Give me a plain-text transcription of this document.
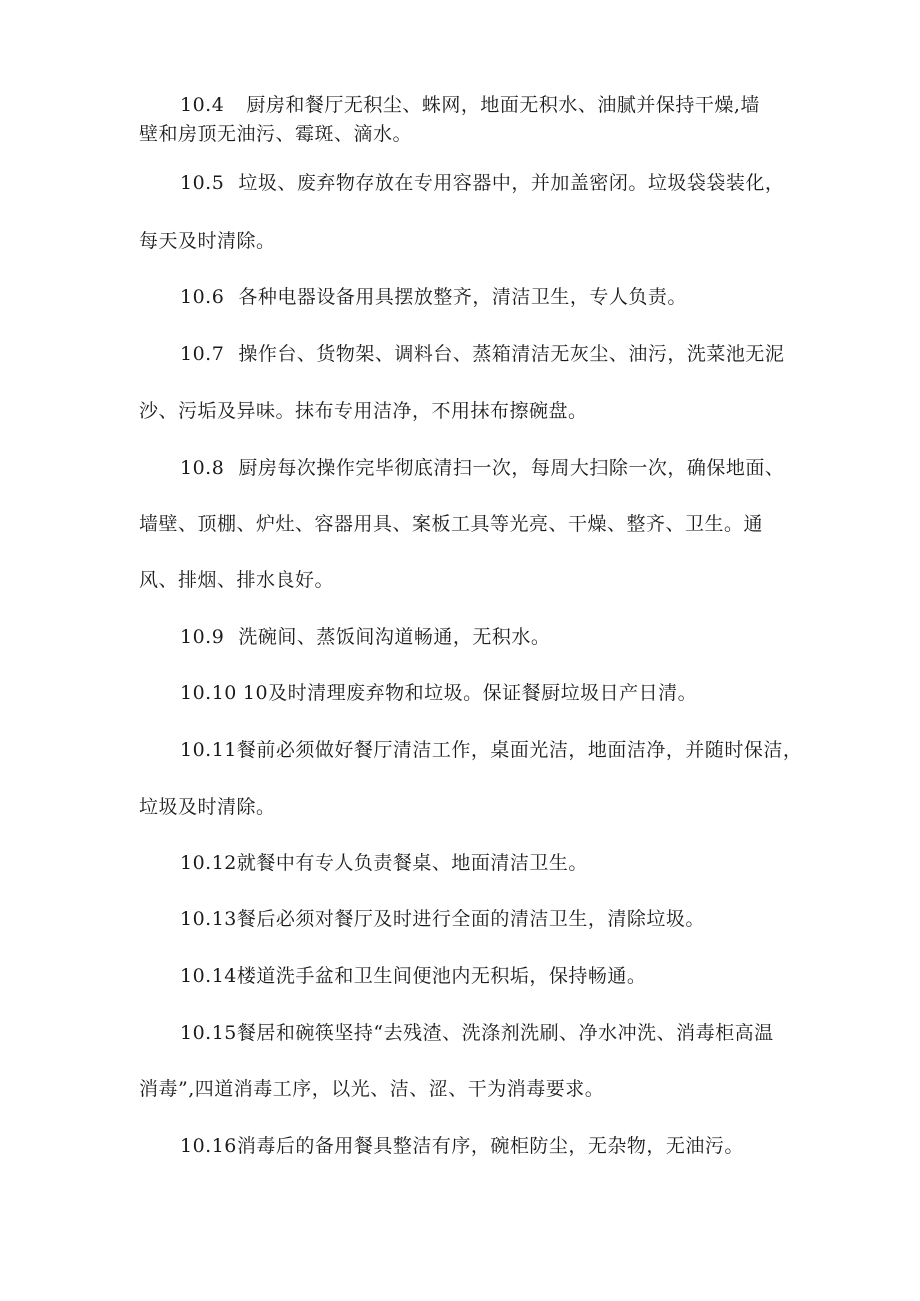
10.4 厨房和餐厅无积尘、蛛网，地面无积水、油腻并保持干燥,墙
壁和房顶无油污、霉斑、滴水。
10.5 垃圾、废弃物存放在专用容器中，并加盖密闭。垃圾袋袋装化，
每天及时清除。
10.6 各种电器设备用具摆放整齐，清洁卫生，专人负责。
10.7 操作台、货物架、调料台、蒸箱清洁无灰尘、油污，洗菜池无泥
沙、污垢及异味。抹布专用洁净，不用抹布擦碗盘。
10.8 厨房每次操作完毕彻底清扫一次，每周大扫除一次，确保地面、
墙壁、顶棚、炉灶、容器用具、案板工具等光亮、干燥、整齐、卫生。通
风、排烟、排水良好。
10.9 洗碗间、蒸饭间沟道畅通，无积水。
10.10 10及时清理废弃物和垃圾。保证餐厨垃圾日产日清。
10.11餐前必须做好餐厅清洁工作，桌面光洁，地面洁净，并随时保洁，
垃圾及时清除。
10.12就餐中有专人负责餐桌、地面清洁卫生。
10.13餐后必须对餐厅及时进行全面的清洁卫生，清除垃圾。
10.14楼道洗手盆和卫生间便池内无积垢，保持畅通。
10.15餐居和碗筷坚持“去残渣、洗涤剂洗刷、净水冲洗、消毒柜高温
消毒”,四道消毒工序，以光、洁、涩、干为消毒要求。
10.16消毒后的备用餐具整洁有序，碗柜防尘，无杂物，无油污。
